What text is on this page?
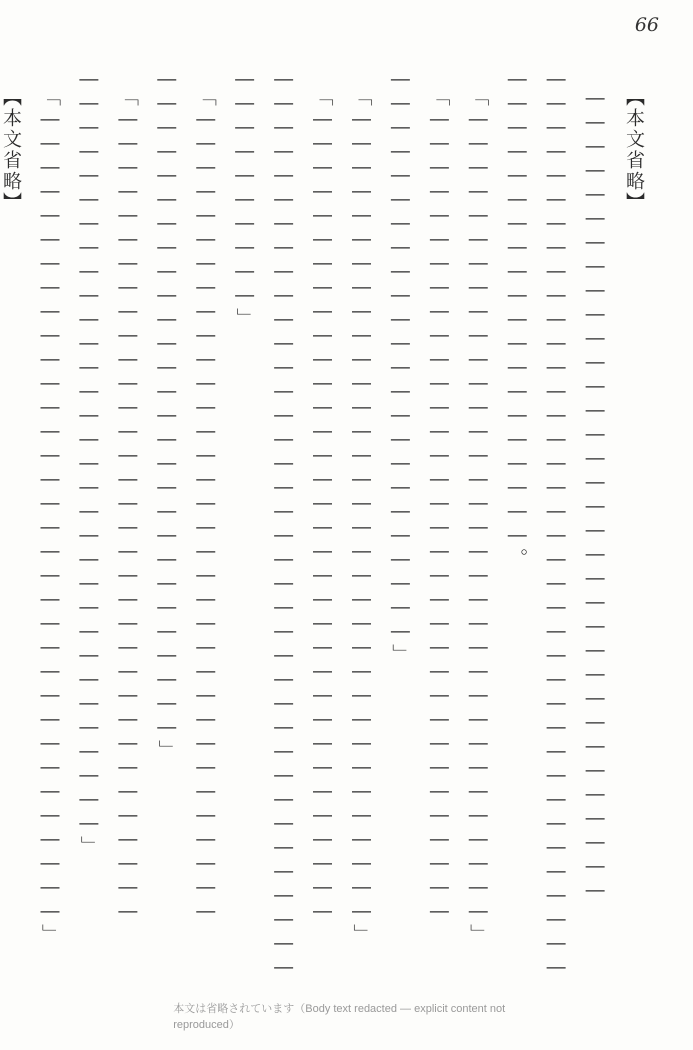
66

【本文省略】――――――――――――――――――――――――――――――――――

――――――――――――――――――――――――――――――――――――――

――――――――――――――――――――。

「――――――――――――――――――――――――――――――――――」

「――――――――――――――――――――――――――――――――――

――――――――――――――――――――――――」

「――――――――――――――――――――――――――――――――――」

「――――――――――――――――――――――――――――――――――

――――――――――――――――――――――――――――――――――――――

――――――――――」

「――――――――――――――――――――――――――――――――――

――――――――――――――――――――――――――――」

「――――――――――――――――――――――――――――――――――

――――――――――――――――――――――――――――――――」

「――――――――――――――――――――――――――――――――――」

【本文省略】

本文は省略されています（Body text redacted — explicit content not reproduced）
